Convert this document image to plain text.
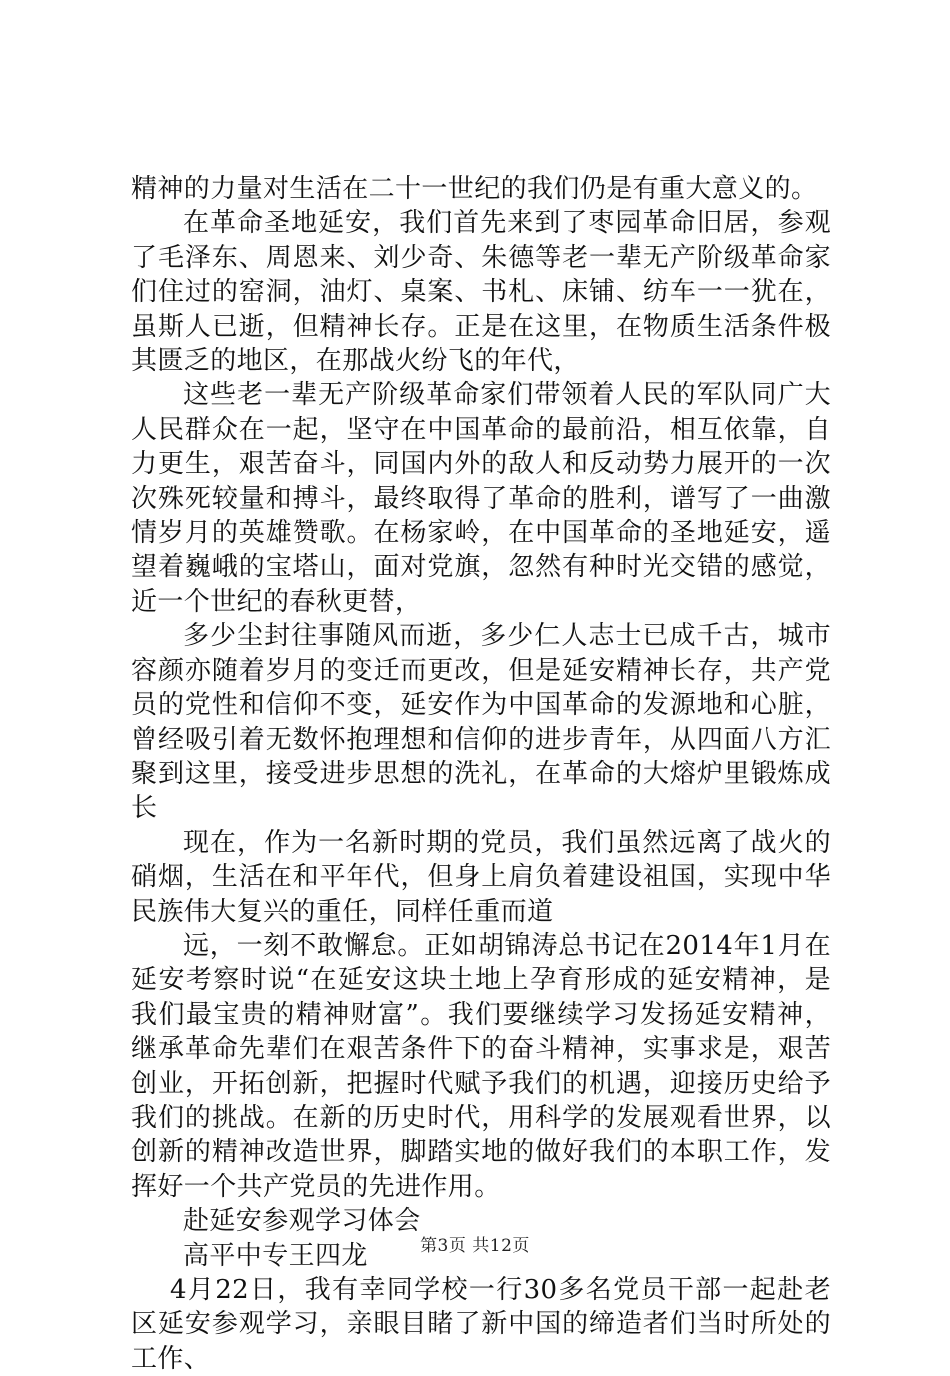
精神的力量对生活在二十一世纪的我们仍是有重大意义的。

在革命圣地延安，我们首先来到了枣园革命旧居，参观了毛泽东、周恩来、刘少奇、朱德等老一辈无产阶级革命家们住过的窑洞，油灯、桌案、书札、床铺、纺车一一犹在，虽斯人已逝，但精神长存。正是在这里，在物质生活条件极其匮乏的地区，在那战火纷飞的年代，

这些老一辈无产阶级革命家们带领着人民的军队同广大人民群众在一起，坚守在中国革命的最前沿，相互依靠，自力更生，艰苦奋斗，同国内外的敌人和反动势力展开的一次次殊死较量和搏斗，最终取得了革命的胜利，谱写了一曲激情岁月的英雄赞歌。在杨家岭，在中国革命的圣地延安，遥望着巍峨的宝塔山，面对党旗，忽然有种时光交错的感觉，近一个世纪的春秋更替，

多少尘封往事随风而逝，多少仁人志士已成千古，城市容颜亦随着岁月的变迁而更改，但是延安精神长存，共产党员的党性和信仰不变，延安作为中国革命的发源地和心脏，曾经吸引着无数怀抱理想和信仰的进步青年，从四面八方汇聚到这里，接受进步思想的洗礼，在革命的大熔炉里锻炼成长

现在，作为一名新时期的党员，我们虽然远离了战火的硝烟，生活在和平年代，但身上肩负着建设祖国，实现中华民族伟大复兴的重任，同样任重而道

远，一刻不敢懈怠。正如胡锦涛总书记在2014年1月在延安考察时说“在延安这块土地上孕育形成的延安精神，是我们最宝贵的精神财富”。我们要继续学习发扬延安精神，继承革命先辈们在艰苦条件下的奋斗精神，实事求是，艰苦创业，开拓创新，把握时代赋予我们的机遇，迎接历史给予我们的挑战。在新的历史时代，用科学的发展观看世界，以创新的精神改造世界，脚踏实地的做好我们的本职工作，发挥好一个共产党员的先进作用。

赴延安参观学习体会

高平中专王四龙

4月22日，我有幸同学校一行30多名党员干部一起赴老区延安参观学习，亲眼目睹了新中国的缔造者们当时所处的工作、

第3页 共12页
